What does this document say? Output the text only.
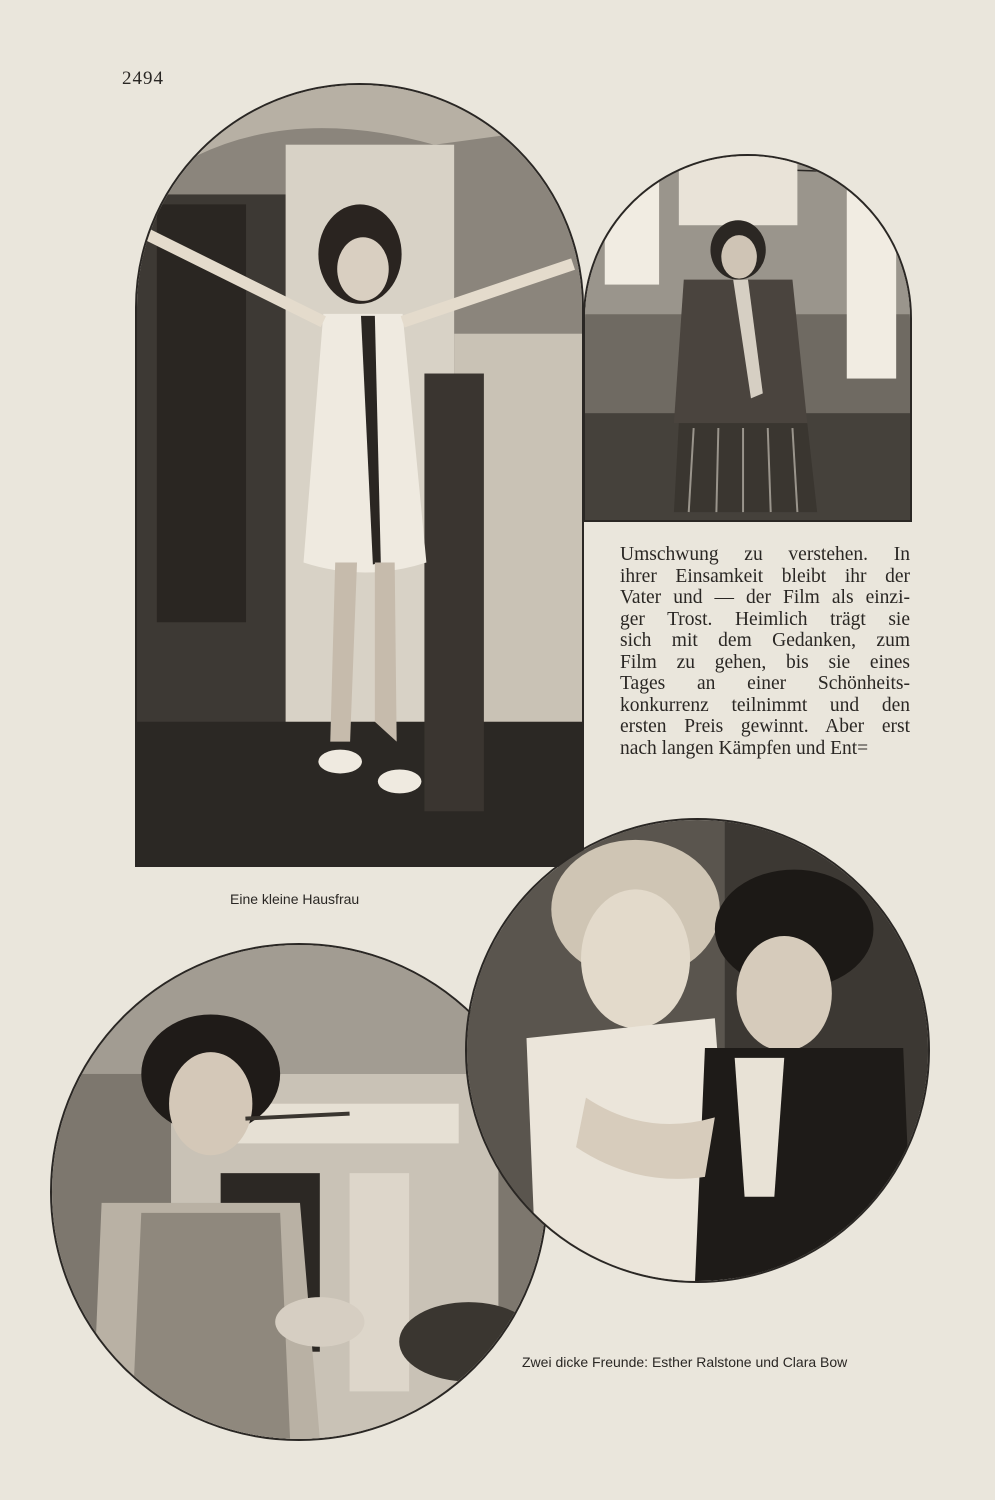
2494
Umschwung zu verstehen. In
ihrer Einsamkeit bleibt ihr der
Vater und — der Film als einzi-
ger Trost. Heimlich trägt sie
sich mit dem Gedanken, zum
Film zu gehen, bis sie eines
Tages an einer Schönheits-
konkurrenz teilnimmt und den
ersten Preis gewinnt. Aber erst
nach langen Kämpfen und Ent=
Eine kleine Hausfrau
Zwei dicke Freunde: Esther Ralstone und Clara Bow
